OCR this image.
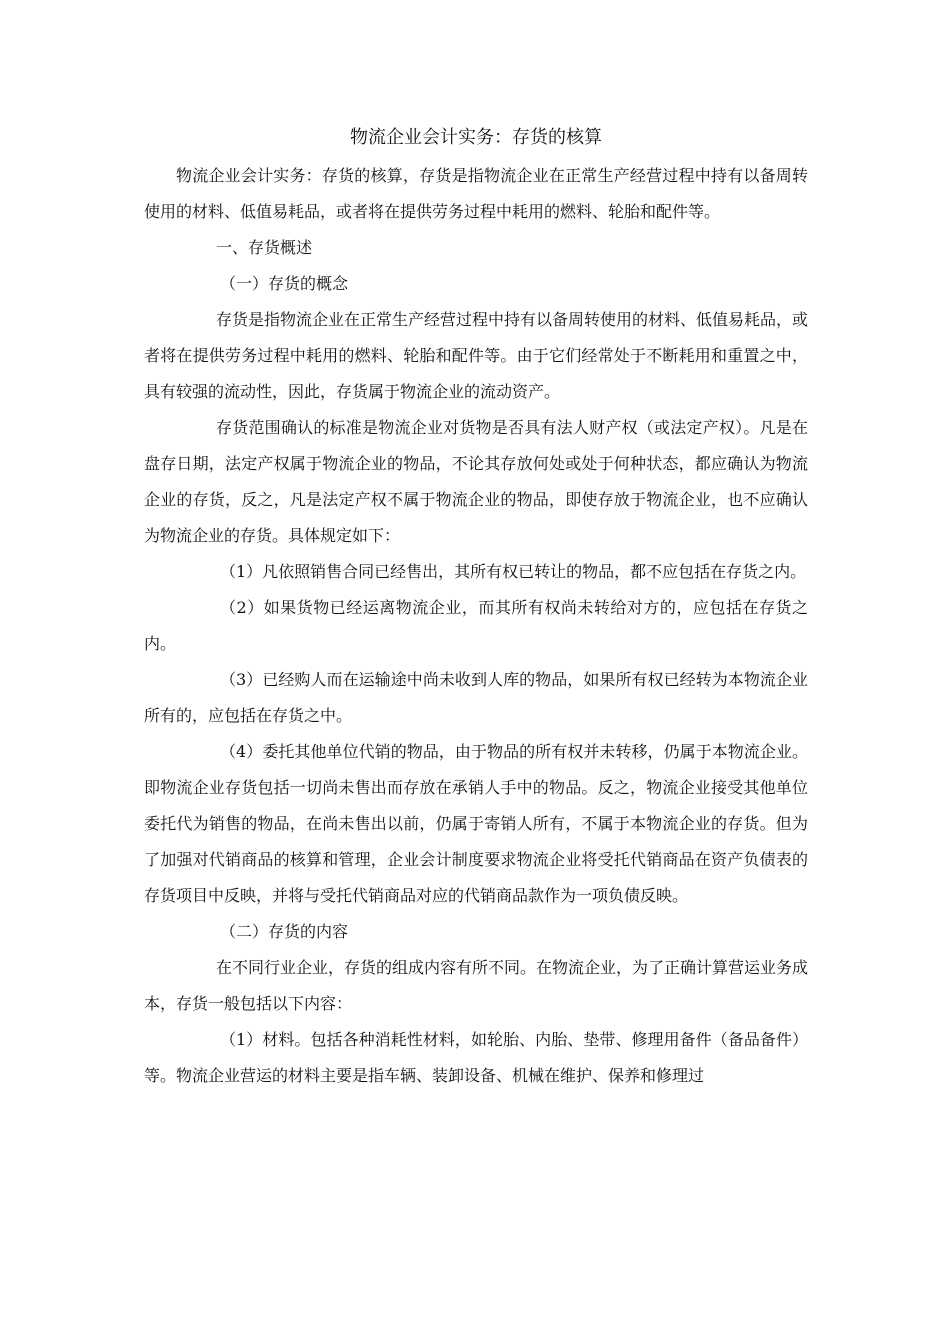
物流企业会计实务：存货的核算

物流企业会计实务：存货的核算，存货是指物流企业在正常生产经营过程中持有以备周转使用的材料、低值易耗品，或者将在提供劳务过程中耗用的燃料、轮胎和配件等。

一、存货概述

（一）存货的概念

存货是指物流企业在正常生产经营过程中持有以备周转使用的材料、低值易耗品，或者将在提供劳务过程中耗用的燃料、轮胎和配件等。由于它们经常处于不断耗用和重置之中，具有较强的流动性，因此，存货属于物流企业的流动资产。

存货范围确认的标准是物流企业对货物是否具有法人财产权（或法定产权）。凡是在盘存日期，法定产权属于物流企业的物品，不论其存放何处或处于何种状态，都应确认为物流企业的存货，反之，凡是法定产权不属于物流企业的物品，即使存放于物流企业，也不应确认为物流企业的存货。具体规定如下：

（1）凡依照销售合同已经售出，其所有权已转让的物品，都不应包括在存货之内。

（2）如果货物已经运离物流企业，而其所有权尚未转给对方的，应包括在存货之内。

（3）已经购人而在运输途中尚未收到人库的物品，如果所有权已经转为本物流企业所有的，应包括在存货之中。

（4）委托其他单位代销的物品，由于物品的所有权并未转移，仍属于本物流企业。即物流企业存货包括一切尚未售出而存放在承销人手中的物品。反之，物流企业接受其他单位委托代为销售的物品，在尚未售出以前，仍属于寄销人所有，不属于本物流企业的存货。但为了加强对代销商品的核算和管理，企业会计制度要求物流企业将受托代销商品在资产负债表的存货项目中反映，并将与受托代销商品对应的代销商品款作为一项负债反映。

（二）存货的内容

在不同行业企业，存货的组成内容有所不同。在物流企业，为了正确计算营运业务成本，存货一般包括以下内容：

（1）材料。包括各种消耗性材料，如轮胎、内胎、垫带、修理用备件（备品备件）等。物流企业营运的材料主要是指车辆、装卸设备、机械在维护、保养和修理过
